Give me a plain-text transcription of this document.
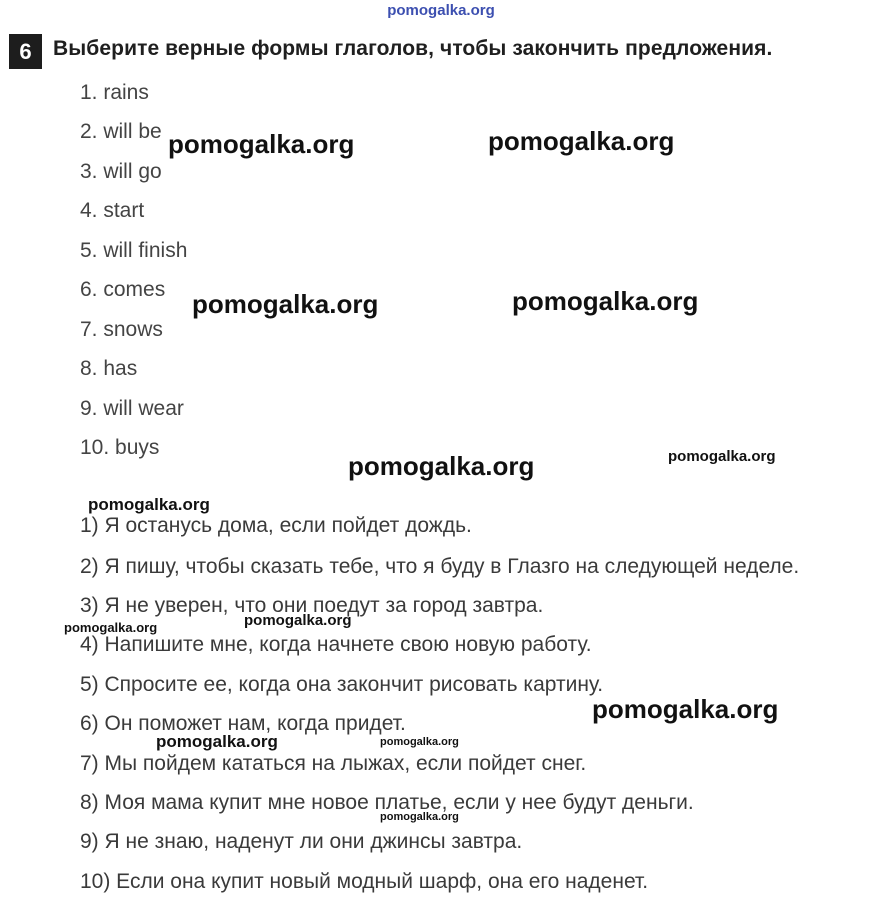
pomogalka.org
6	Выберите верные формы глаголов, чтобы закончить предложения.
1. rains
2. will be
3. will go
4. start
5. will finish
6. comes
7. snows
8. has
9. will wear
10. buys
1) Я останусь дома, если пойдет дождь.
2) Я пишу, чтобы сказать тебе, что я буду в Глазго на следующей неделе.
3) Я не уверен, что они поедут за город завтра.
4) Напишите мне, когда начнете свою новую работу.
5) Спросите ее, когда она закончит рисовать картину.
6) Он поможет нам, когда придет.
7) Мы пойдем кататься на лыжах, если пойдет снег.
8) Моя мама купит мне новое платье, если у нее будут деньги.
9) Я не знаю, наденут ли они джинсы завтра.
10) Если она купит новый модный шарф, она его наденет.
pomogalka.org	pomogalka.org
pomogalka.org	pomogalka.org
pomogalka.org	pomogalka.org
pomogalka.org
pomogalka.org
pomogalka.org
pomogalka.org
pomogalka.org	pomogalka.org
pomogalka.org
